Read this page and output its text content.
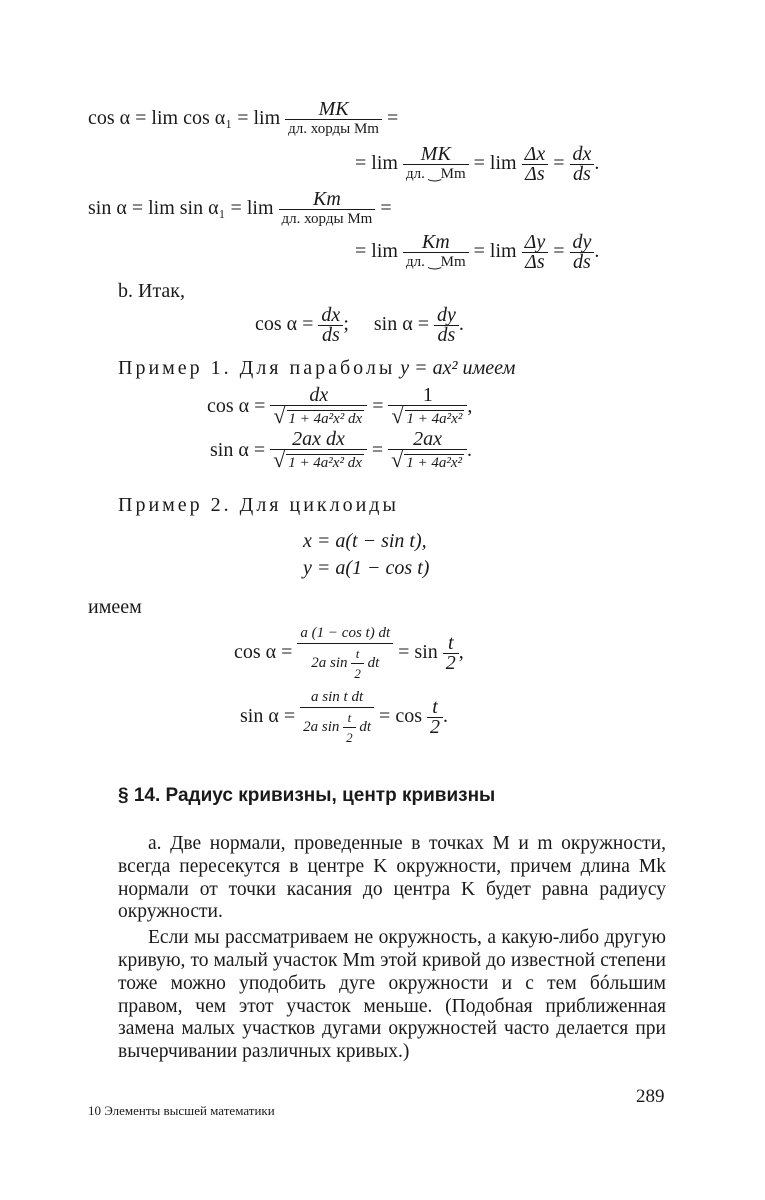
$\cos \alpha = \lim \cos \alpha_1 = \lim \frac{MK}{\text{дл. хорды Mm}}$ =
= $\lim \frac{MK}{дл. ‿Mm} = \lim \frac{\Delta x}{\Delta s} = \frac{dx}{ds}$ .
$\sin \alpha = \lim \sin \alpha_1 = \lim \frac{Km}{\text{дл. хорды Mm}}$ =
= $\lim \frac{Km}{дл. ‿Mm} = \lim \frac{\Delta y}{\Delta s} = \frac{dy}{ds}$ .
b. Итак,
$\cos \alpha = \frac{dx}{ds}$ ;     $\sin \alpha = \frac{dy}{ds}$ .
Пример 1. Для параболы y = ax² имеем
$\cos \alpha = \frac{dx}{\text{√ 1 + 4a²x² dx}} = \frac{1}{\text{√ 1 + 4a²x²}}$ ,
$\sin \alpha = \frac{\text{2ax dx}}{\text{√ 1 + 4a²x² dx}} = \frac{2ax}{\text{√ 1 + 4a²x²}}$ .
Пример 2. Для циклоиды
x = a(t − sin t),
y = a(1 − cos t)
имеем
$\cos \alpha = \frac{\text{a (1 − cos t) dt}}{2a \sin \frac{t}{2} dt} = \sin \frac{t}{2}$ ,
$\sin \alpha = \frac{\text{a sin t dt}}{2a \sin \frac{t}{2} dt} = \cos \frac{t}{2}$ .
§ 14. Радиус кривизны, центр кривизны

а. Две нормали, проведенные в точках M и m окружности, всегда пересекутся в центре K окружности, причем длина Mk нормали от точки касания до центра K будет равна радиусу окружности.

Если мы рассматриваем не окружность, а какую-либо другую кривую, то малый участок Mm этой кривой до известной степени тоже можно уподобить дуге окружности и с тем бóльшим правом, чем этот участок меньше. (Подобная приближенная замена малых участков дугами окружностей часто делается при вычерчивании различных кривых.)

10 Элементы высшей математики
289
